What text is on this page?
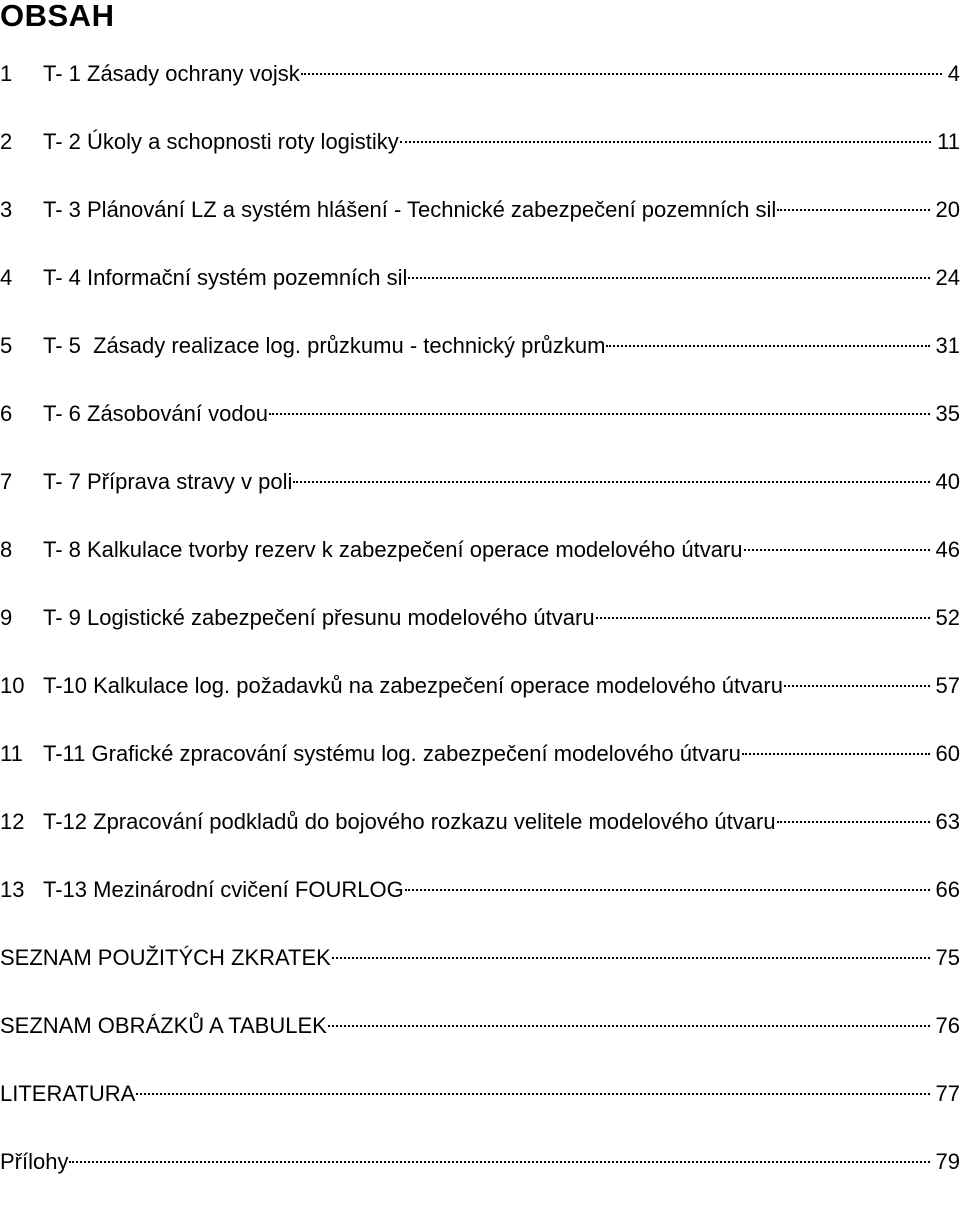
OBSAH
1 T- 1 Zásady ochrany vojsk	4
2 T- 2 Úkoly a schopnosti roty logistiky	11
3 T- 3 Plánování LZ a systém hlášení - Technické zabezpečení pozemních sil	20
4 T- 4 Informační systém pozemních sil	24
5 T- 5  Zásady realizace log. průzkumu - technický průzkum	31
6 T- 6 Zásobování vodou	35
7 T- 7 Příprava stravy v poli	40
8 T- 8 Kalkulace tvorby rezerv k zabezpečení operace modelového útvaru	46
9 T- 9 Logistické zabezpečení přesunu modelového útvaru	52
10 T-10 Kalkulace log. požadavků na zabezpečení operace modelového útvaru	57
11 T-11 Grafické zpracování systému log. zabezpečení modelového útvaru	60
12 T-12 Zpracování podkladů do bojového rozkazu velitele modelového útvaru	63
13 T-13 Mezinárodní cvičení FOURLOG	66
SEZNAM POUŽITÝCH ZKRATEK	75
SEZNAM OBRÁZKŮ A TABULEK	76
LITERATURA	77
Přílohy	79
